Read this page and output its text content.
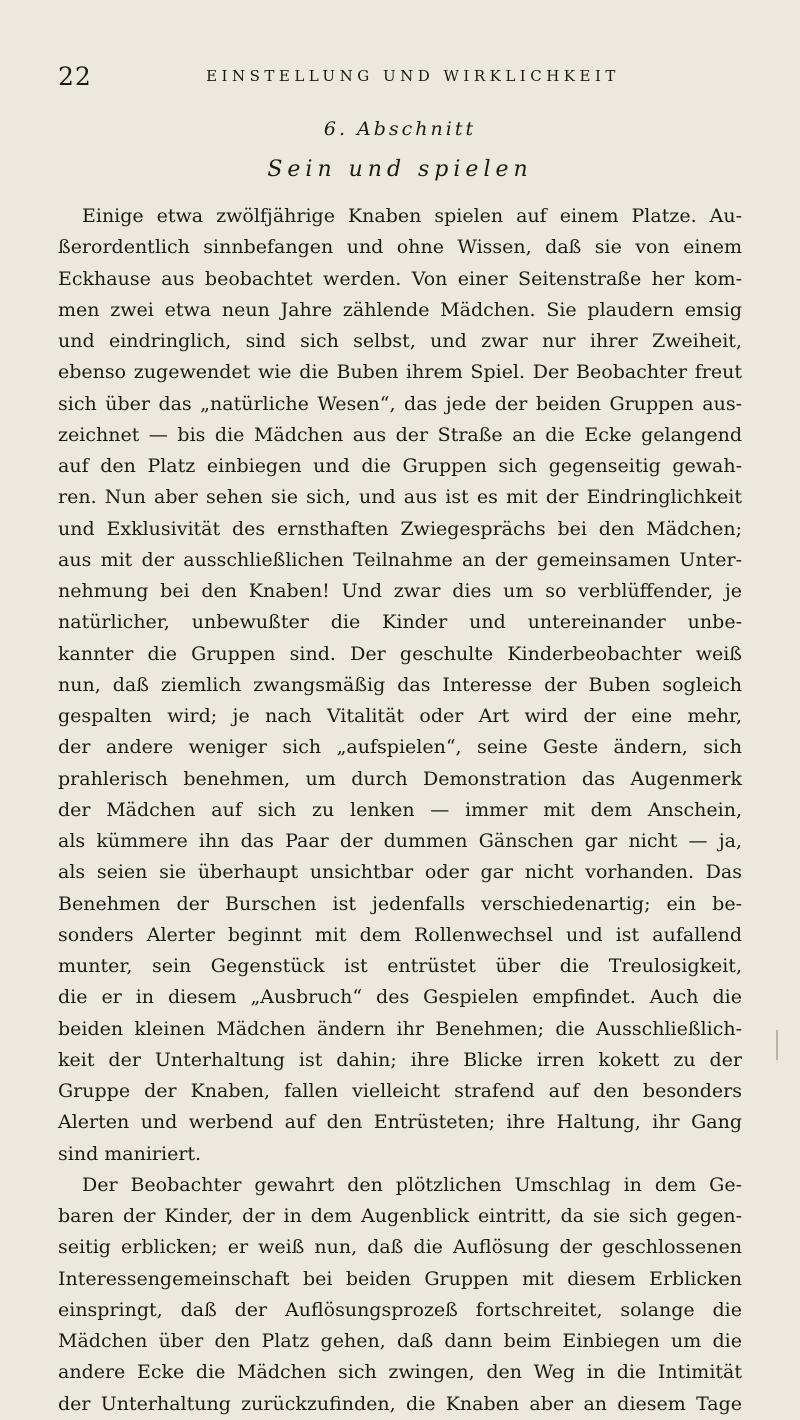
22	EINSTELLUNG UND WIRKLICHKEIT
6. Abschnitt
Sein und spielen
Einige etwa zwölfjährige Knaben spielen auf einem Platze. Au-
ßerordentlich sinnbefangen und ohne Wissen, daß sie von einem
Eckhause aus beobachtet werden. Von einer Seitenstraße her kom-
men zwei etwa neun Jahre zählende Mädchen. Sie plaudern emsig
und eindringlich, sind sich selbst, und zwar nur ihrer Zweiheit,
ebenso zugewendet wie die Buben ihrem Spiel. Der Beobachter freut
sich über das „natürliche Wesen“, das jede der beiden Gruppen aus-
zeichnet — bis die Mädchen aus der Straße an die Ecke gelangend
auf den Platz einbiegen und die Gruppen sich gegenseitig gewah-
ren. Nun aber sehen sie sich, und aus ist es mit der Eindringlichkeit
und Exklusivität des ernsthaften Zwiegesprächs bei den Mädchen;
aus mit der ausschließlichen Teilnahme an der gemeinsamen Unter-
nehmung bei den Knaben! Und zwar dies um so verblüffender, je
natürlicher, unbewußter die Kinder und untereinander unbe-
kannter die Gruppen sind. Der geschulte Kinderbeobachter weiß
nun, daß ziemlich zwangsmäßig das Interesse der Buben sogleich
gespalten wird; je nach Vitalität oder Art wird der eine mehr,
der andere weniger sich „aufspielen“, seine Geste ändern, sich
prahlerisch benehmen, um durch Demonstration das Augenmerk
der Mädchen auf sich zu lenken — immer mit dem Anschein,
als kümmere ihn das Paar der dummen Gänschen gar nicht — ja,
als seien sie überhaupt unsichtbar oder gar nicht vorhanden. Das
Benehmen der Burschen ist jedenfalls verschiedenartig; ein be-
sonders Alerter beginnt mit dem Rollenwechsel und ist aufallend
munter, sein Gegenstück ist entrüstet über die Treulosigkeit,
die er in diesem „Ausbruch“ des Gespielen empfindet. Auch die
beiden kleinen Mädchen ändern ihr Benehmen; die Ausschließlich-
keit der Unterhaltung ist dahin; ihre Blicke irren kokett zu der
Gruppe der Knaben, fallen vielleicht strafend auf den besonders
Alerten und werbend auf den Entrüsteten; ihre Haltung, ihr Gang
sind maniriert.
Der Beobachter gewahrt den plötzlichen Umschlag in dem Ge-
baren der Kinder, der in dem Augenblick eintritt, da sie sich gegen-
seitig erblicken; er weiß nun, daß die Auflösung der geschlossenen
Interessengemeinschaft bei beiden Gruppen mit diesem Erblicken
einspringt, daß der Auflösungsprozeß fortschreitet, solange die
Mädchen über den Platz gehen, daß dann beim Einbiegen um die
andere Ecke die Mädchen sich zwingen, den Weg in die Intimität
der Unterhaltung zurückzufinden, die Knaben aber an diesem Tage
